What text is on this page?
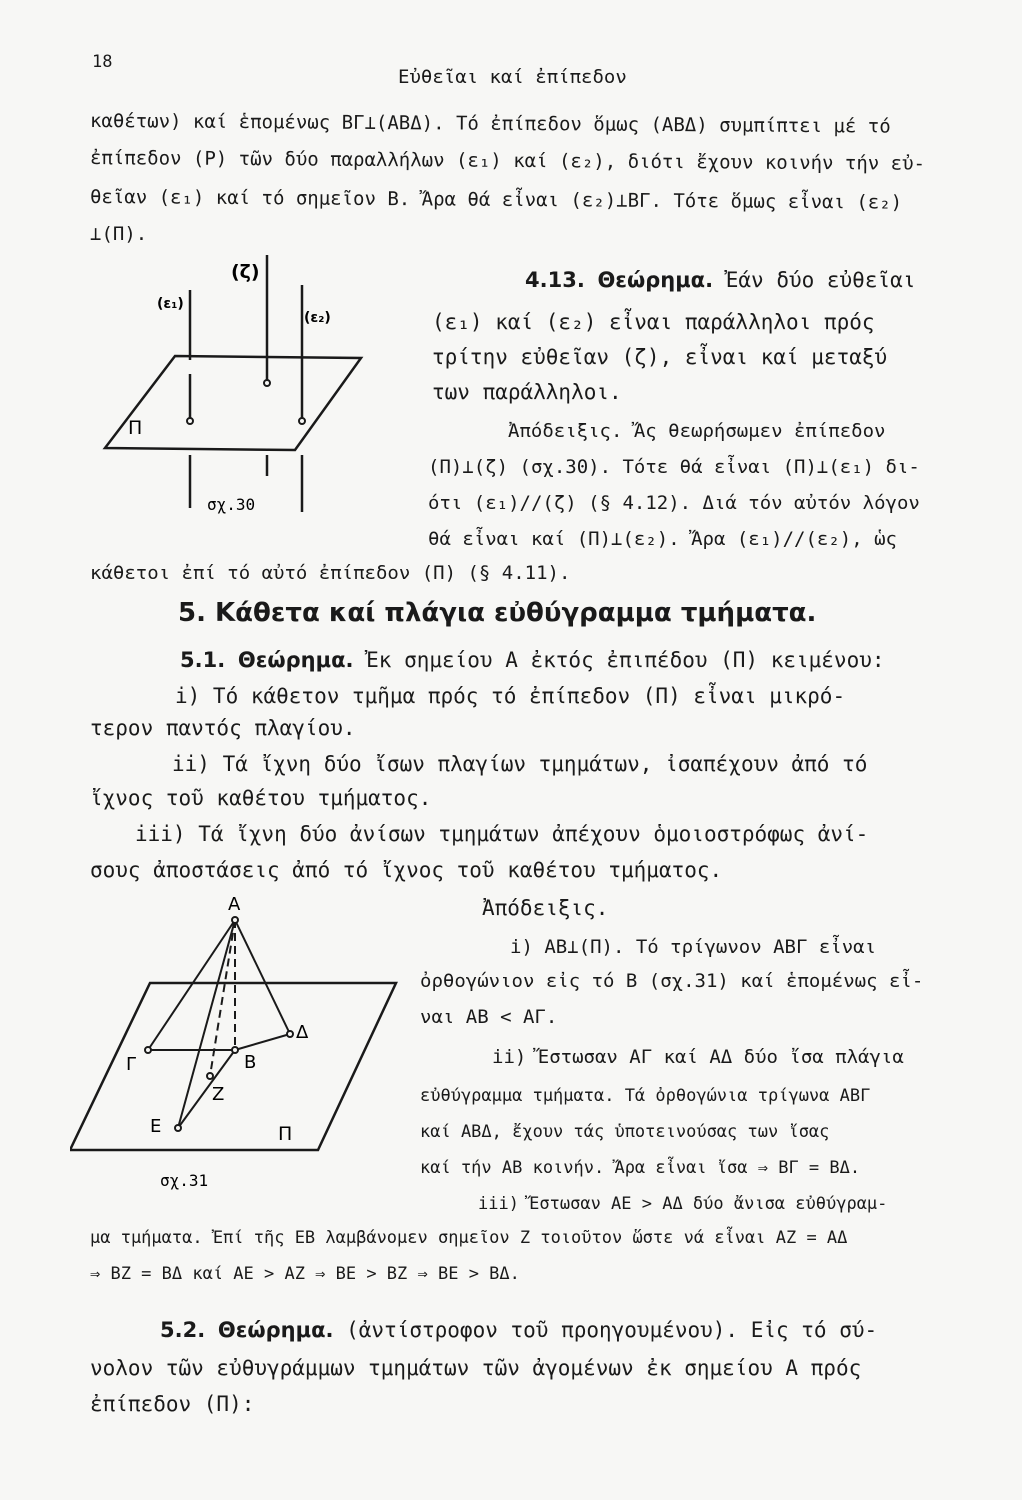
18
Εὐθεῖαι καί ἐπίπεδον
καθέτων) καί ἑπομένως ΒΓ⊥(ΑΒΔ). Τό ἐπίπεδον ὅμως (ΑΒΔ) συμπίπτει μέ τό
ἐπίπεδον (Ρ) τῶν δύο παραλλήλων (ε₁) καί (ε₂), διότι ἔχουν κοινήν τήν εὐ-
θεῖαν (ε₁) καί τό σημεῖον Β. Ἄρα θά εἶναι (ε₂)⊥ΒΓ. Τότε ὅμως εἶναι (ε₂)
⊥(Π).
(ζ)
(ε₁)
(ε₂)
Π
σχ.30
4.13. Θεώρημα. Ἐάν δύο εὐθεῖαι
(ε₁) καί (ε₂) εἶναι παράλληλοι πρός
τρίτην εὐθεῖαν (ζ), εἶναι καί μεταξύ
των παράλληλοι.
Ἀπόδειξις. Ἄς θεωρήσωμεν ἐπίπεδον
(Π)⊥(ζ) (σχ.30). Τότε θά εἶναι (Π)⊥(ε₁) δι-
ότι (ε₁)//(ζ) (§ 4.12). Διά τόν αὐτόν λόγον
θά εἶναι καί (Π)⊥(ε₂). Ἄρα (ε₁)//(ε₂), ὡς
κάθετοι ἐπί τό αὐτό ἐπίπεδον (Π) (§ 4.11).
5. Κάθετα καί πλάγια εὐθύγραμμα τμήματα.
5.1. Θεώρημα. Ἐκ σημείου Α ἐκτός ἐπιπέδου (Π) κειμένου:
i) Τό κάθετον τμῆμα πρός τό ἐπίπεδον (Π) εἶναι μικρό-
τερον παντός πλαγίου.
ii) Τά ἴχνη δύο ἴσων πλαγίων τμημάτων, ἰσαπέχουν ἀπό τό
ἴχνος τοῦ καθέτου τμήματος.
iii) Τά ἴχνη δύο ἀνίσων τμημάτων ἀπέχουν ὁμοιοστρόφως ἀνί-
σους ἀποστάσεις ἀπό τό ἴχνος τοῦ καθέτου τμήματος.
A
Δ
Γ	B
Z
E	Π
σχ.31
Ἀπόδειξις.
i) ΑΒ⊥(Π). Τό τρίγωνον ΑΒΓ εἶναι
ὀρθογώνιον εἰς τό Β (σχ.31) καί ἑπομένως εἶ-
ναι ΑΒ < ΑΓ.
ii) Ἔστωσαν ΑΓ καί ΑΔ δύο ἴσα πλάγια
εὐθύγραμμα τμήματα. Τά ὀρθογώνια τρίγωνα ΑΒΓ
καί ΑΒΔ, ἔχουν τάς ὑποτεινούσας των ἴσας
καί τήν ΑΒ κοινήν. Ἄρα εἶναι ἴσα ⇒ ΒΓ = ΒΔ.
iii) Ἔστωσαν ΑΕ > ΑΔ δύο ἄνισα εὐθύγραμ-
μα τμήματα. Ἐπί τῆς ΕΒ λαμβάνομεν σημεῖον Ζ τοιοῦτον ὥστε νά εἶναι ΑΖ = ΑΔ
⇒ ΒΖ = ΒΔ καί ΑΕ > ΑΖ ⇒ ΒΕ > ΒΖ ⇒ ΒΕ > ΒΔ.
5.2. Θεώρημα. (ἀντίστροφον τοῦ προηγουμένου). Εἰς τό σύ-
νολον τῶν εὐθυγράμμων τμημάτων τῶν ἀγομένων ἐκ σημείου Α πρός
ἐπίπεδον (Π):
